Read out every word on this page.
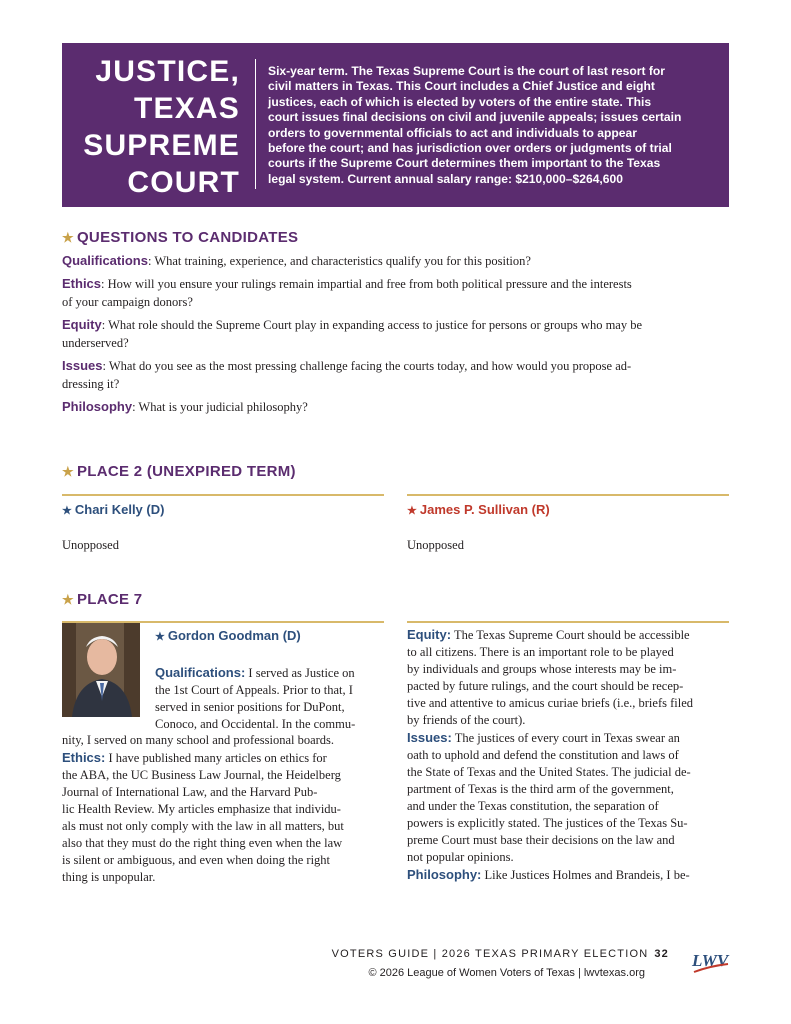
JUSTICE,
TEXAS
SUPREME
COURT
Six-year term. The Texas Supreme Court is the court of last resort for
civil matters in Texas. This Court includes a Chief Justice and eight
justices, each of which is elected by voters of the entire state. This
court issues final decisions on civil and juvenile appeals; issues certain
orders to governmental officials to act and individuals to appear
before the court; and has jurisdiction over orders or judgments of trial
courts if the Supreme Court determines them important to the Texas
legal system. Current annual salary range: $210,000–$264,600
★ QUESTIONS TO CANDIDATES
Qualifications: What training, experience, and characteristics qualify you for this position?
Ethics: How will you ensure your rulings remain impartial and free from both political pressure and the interests
of your campaign donors?
Equity: What role should the Supreme Court play in expanding access to justice for persons or groups who may be
underserved?
Issues: What do you see as the most pressing challenge facing the courts today, and how would you propose ad-
dressing it?
Philosophy: What is your judicial philosophy?
★ PLACE 2 (UNEXPIRED TERM)
★ Chari Kelly (D)	★ James P. Sullivan (R)
Unopposed	Unopposed
★ PLACE 7
★ Gordon Goodman (D)
Qualifications: I served as Justice on
the 1st Court of Appeals. Prior to that, I
served in senior positions for DuPont,
Conoco, and Occidental. In the commu-
nity, I served on many school and professional boards.
Ethics: I have published many articles on ethics for
the ABA, the UC Business Law Journal, the Heidelberg
Journal of International Law, and the Harvard Pub-
lic Health Review. My articles emphasize that individu-
als must not only comply with the law in all matters, but
also that they must do the right thing even when the law
is silent or ambiguous, and even when doing the right
thing is unpopular.
Equity: The Texas Supreme Court should be accessible
to all citizens. There is an important role to be played
by individuals and groups whose interests may be im-
pacted by future rulings, and the court should be recep-
tive and attentive to amicus curiae briefs (i.e., briefs filed
by friends of the court).
Issues: The justices of every court in Texas swear an
oath to uphold and defend the constitution and laws of
the State of Texas and the United States. The judicial de-
partment of Texas is the third arm of the government,
and under the Texas constitution, the separation of
powers is explicitly stated. The justices of the Texas Su-
preme Court must base their decisions on the law and
not popular opinions.
Philosophy: Like Justices Holmes and Brandeis, I be-
VOTERS GUIDE | 2026 TEXAS PRIMARY ELECTION 32
© 2026 League of Women Voters of Texas | lwvtexas.org
LWV
